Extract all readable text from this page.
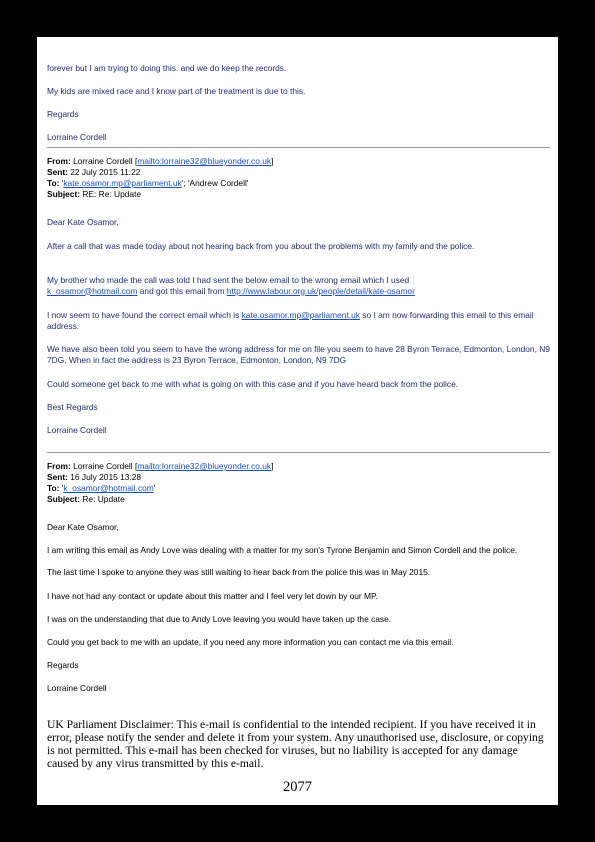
forever but I am trying to doing this. and we do keep the records.

My kids are mixed race and I know part of the treatment is due to this.

Regards

Lorraine Cordell

From: Lorraine Cordell [mailto:lorraine32@blueyonder.co.uk]

Sent: 22 July 2015 11:22

To: 'kate.osamor.mp@parliament.uk'; 'Andrew Cordell'

Subject: RE: Re: Update

Dear Kate Osamor,

After a call that was made today about not hearing back from you about the problems with my family and the police.

My brother who made the call was told I had sent the below email to the wrong email which I used
k_osamor@hotmail.com and got this email from http://www.labour.org.uk/people/detail/kate-osamor

I now seem to have found the correct email which is kate.osamor.mp@parliament.uk so I am now forwarding this email to this email address.

We have also been told you seem to have the wrong address for me on file you seem to have 28 Byron Terrace, Edmonton, London, N9 7DG, When in fact the address is 23 Byron Terrace, Edmonton, London, N9 7DG

Could someone get back to me with what is going on with this case and if you have heard back from the police.

Best Regards

Lorraine Cordell

From: Lorraine Cordell [mailto:lorraine32@blueyonder.co.uk]

Sent: 16 July 2015 13:28

To: 'k_osamor@hotmail.com'

Subject: Re: Update

Dear Kate Osamor,

I am writing this email as Andy Love was dealing with a matter for my son's Tyrone Benjamin and Simon Cordell and the police.

The last time I spoke to anyone they was still waiting to hear back from the police this was in May 2015.

I have not had any contact or update about this matter and I feel very let down by our MP.

I was on the understanding that due to Andy Love leaving you would have taken up the case.

Could you get back to me with an update, if you need any more information you can contact me via this email.

Regards

Lorraine Cordell

UK Parliament Disclaimer: This e-mail is confidential to the intended recipient. If you have received it in error, please notify the sender and delete it from your system. Any unauthorised use, disclosure, or copying is not permitted. This e-mail has been checked for viruses, but no liability is accepted for any damage caused by any virus transmitted by this e-mail.

2077
